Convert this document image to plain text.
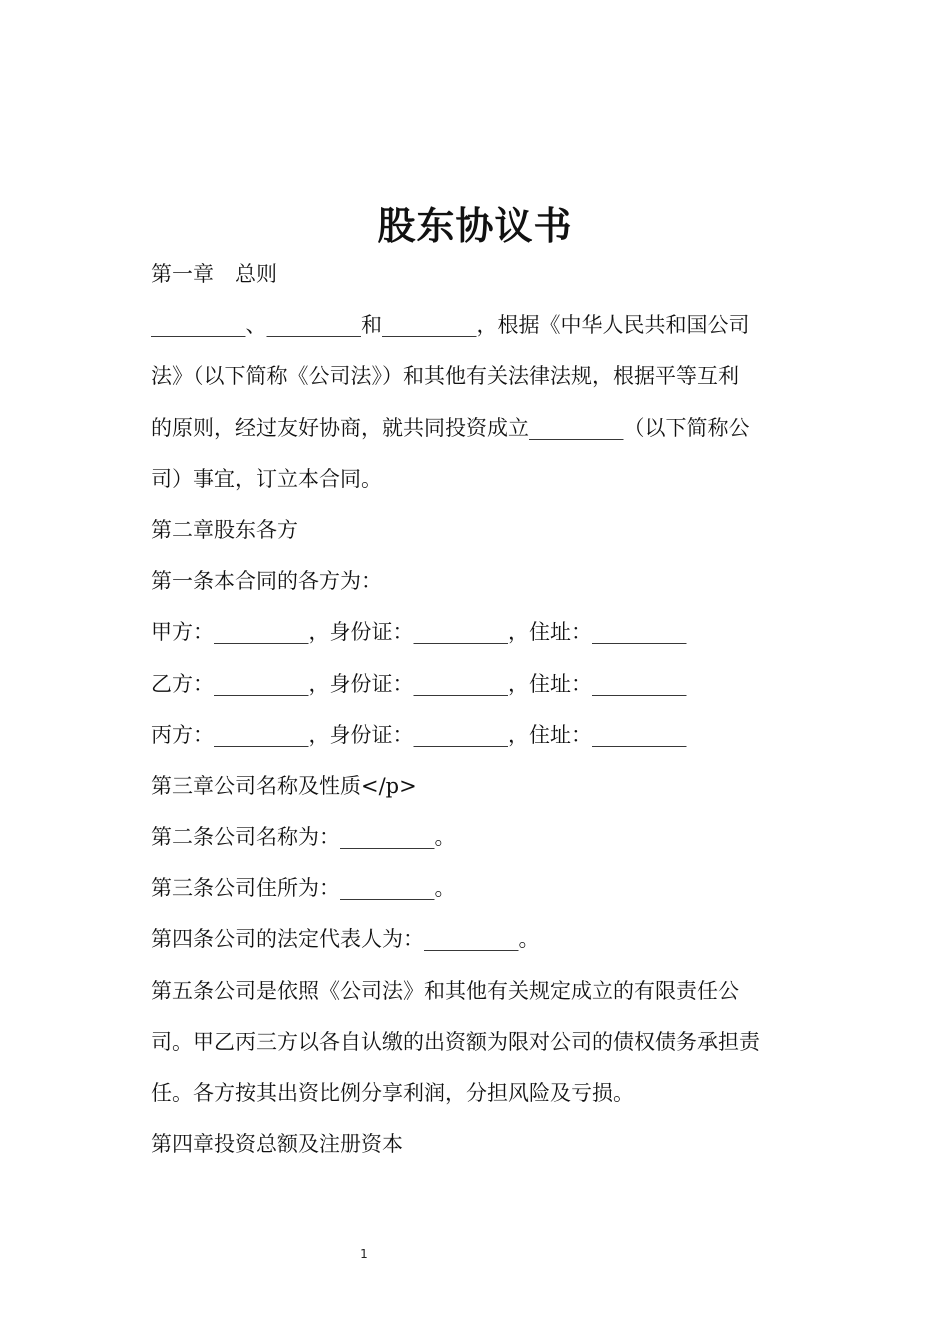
股东协议书

第一章　总则

_________、_________和_________，根据《中华人民共和国公司

法》（以下简称《公司法》）和其他有关法律法规，根据平等互利

的原则，经过友好协商，就共同投资成立_________（以下简称公

司）事宜，订立本合同。

第二章股东各方

第一条本合同的各方为：

甲方：_________，身份证：_________，住址：_________

乙方：_________，身份证：_________，住址：_________

丙方：_________，身份证：_________，住址：_________

第三章公司名称及性质</p>

第二条公司名称为：_________。

第三条公司住所为：_________。

第四条公司的法定代表人为：_________。

第五条公司是依照《公司法》和其他有关规定成立的有限责任公

司。甲乙丙三方以各自认缴的出资额为限对公司的债权债务承担责

任。各方按其出资比例分享利润，分担风险及亏损。

第四章投资总额及注册资本

1
